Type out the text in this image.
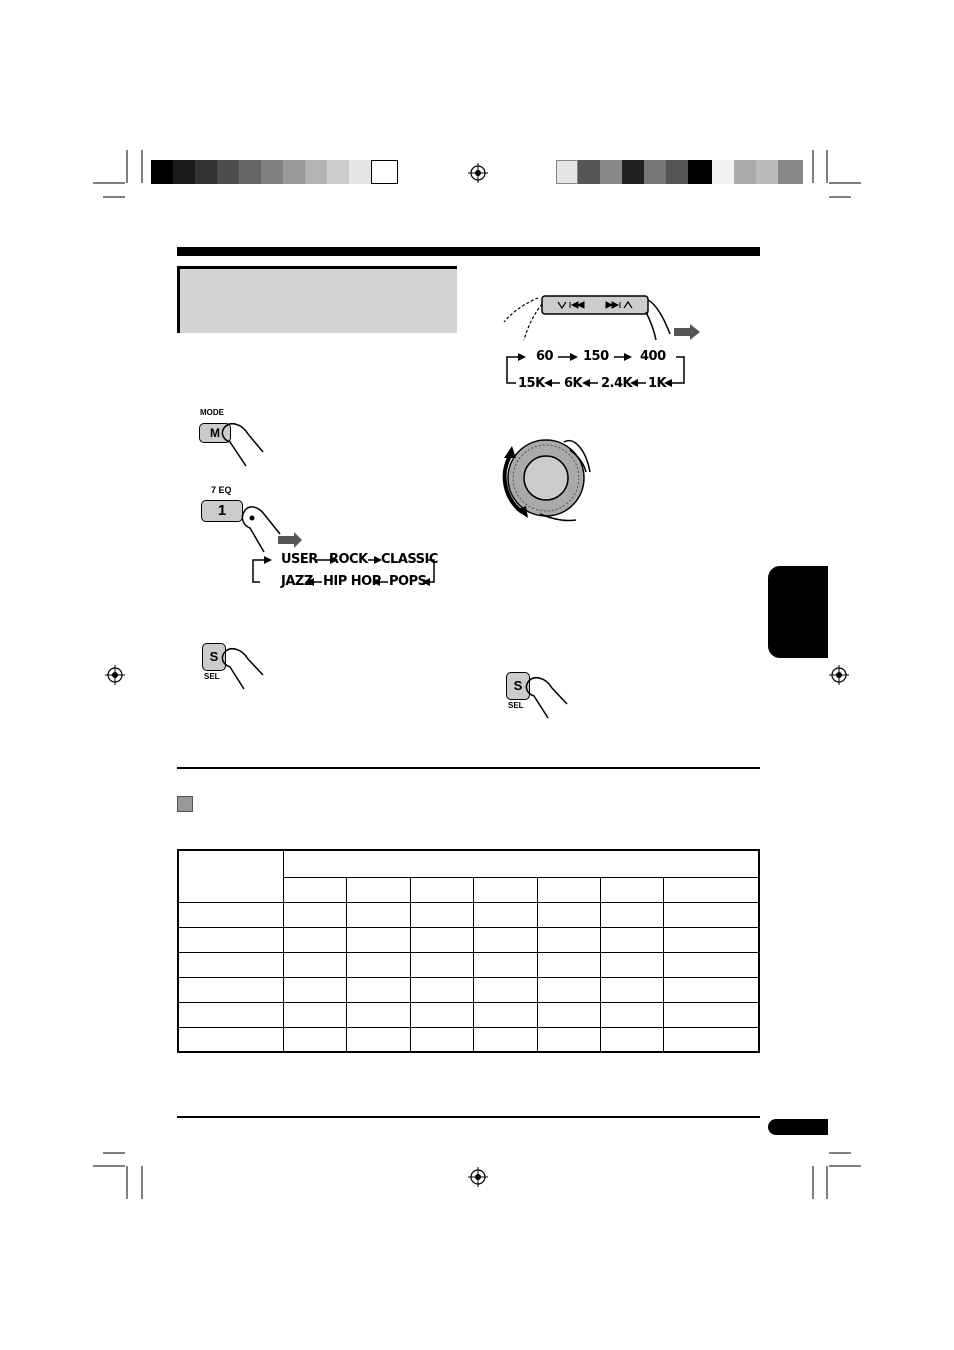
MODE
M
7 EQ
1
USER ROCK CLASSIC
JAZZ HIP HOP POPS
S
SEL
60 150 400
15K 6K 2.4K 1K
S
SEL
